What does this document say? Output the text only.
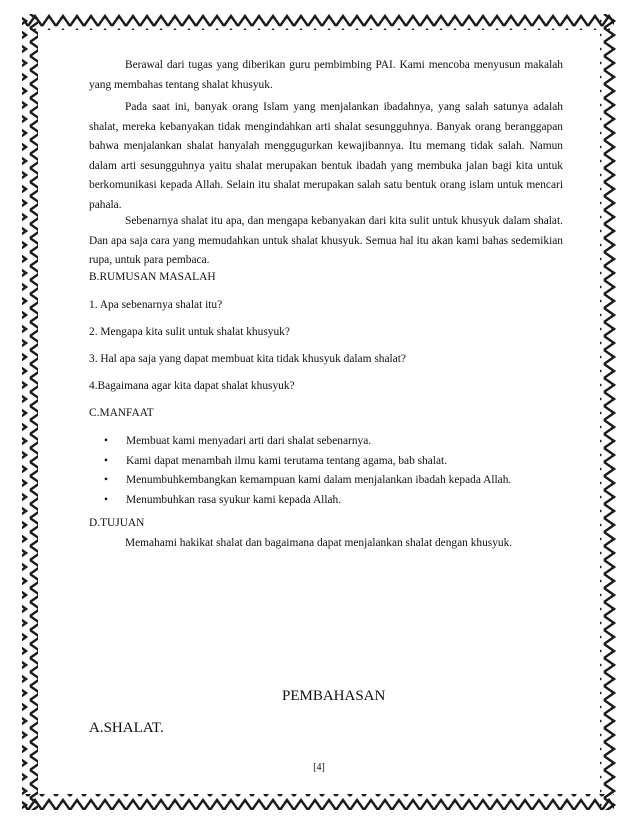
Berawal dari tugas yang diberikan guru pembimbing PAI. Kami mencoba menyusun makalah yang membahas tentang shalat khusyuk.

Pada saat ini, banyak orang Islam yang menjalankan ibadahnya, yang salah satunya adalah shalat, mereka kebanyakan tidak mengindahkan arti shalat sesungguhnya. Banyak orang beranggapan bahwa menjalankan shalat hanyalah menggugurkan kewajibannya. Itu memang tidak salah. Namun dalam arti sesungguhnya yaitu shalat merupakan bentuk ibadah yang membuka jalan bagi kita untuk berkomunikasi kepada Allah. Selain itu shalat merupakan salah satu bentuk orang islam untuk mencari pahala.

Sebenarnya shalat itu apa, dan mengapa kebanyakan dari kita sulit untuk khusyuk dalam shalat. Dan apa saja cara yang memudahkan untuk shalat khusyuk. Semua hal itu akan kami bahas sedemikian rupa, untuk para pembaca.

B.RUMUSAN MASALAH
1. Apa sebenarnya shalat itu?
2. Mengapa kita sulit untuk shalat khusyuk?
3. Hal apa saja yang dapat membuat kita tidak khusyuk dalam shalat?
4.Bagaimana agar kita dapat shalat khusyuk?
C.MANFAAT
• Membuat kami menyadari arti dari shalat sebenarnya.
• Kami dapat menambah ilmu kami terutama tentang agama, bab shalat.
• Menumbuhkembangkan kemampuan kami dalam menjalankan ibadah kepada Allah.
• Menumbuhkan rasa syukur kami kepada Allah.
D.TUJUAN
Memahami hakikat shalat dan bagaimana dapat menjalankan shalat dengan khusyuk.
PEMBAHASAN
A.SHALAT.
[4]
